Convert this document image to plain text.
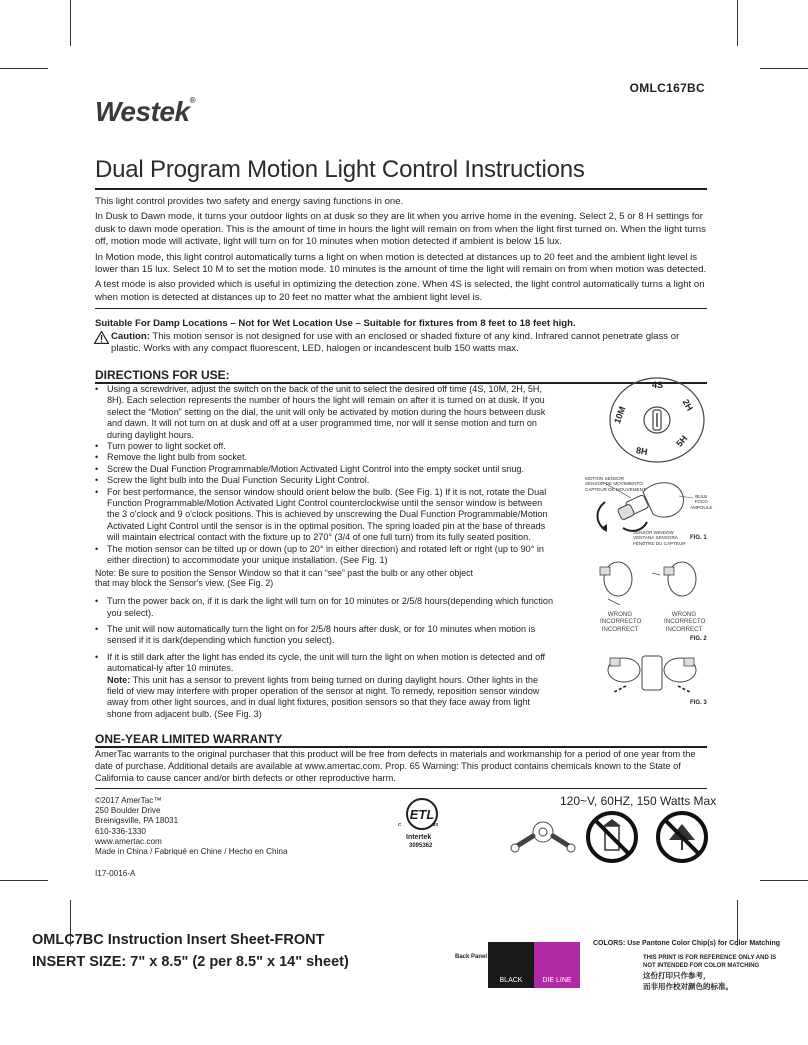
OMLC167BC
Westek®
Dual Program Motion Light Control Instructions

This light control provides two safety and energy saving functions in one.

In Dusk to Dawn mode, it turns your outdoor lights on at dusk so they are lit when you arrive home in the evening. Select 2, 5 or 8 H settings for dusk to dawn mode operation. This is the amount of time in hours the light will remain on from when the light first turned on. When the light turns off, motion mode will activate, light will turn on for 10 minutes when motion detected if ambient is below 15 lux.

In Motion mode, this light control automatically turns a light on when motion is detected at distances up to 20 feet and the ambient light level is lower than 15 lux. Select 10 M to set the motion mode. 10 minutes is the amount of time the light will remain on from when motion was detected.

A test mode is also provided which is useful in optimizing the detection zone. When 4S is selected, the light control automatically turns a light on when motion is detected at distances up to 20 feet no matter what the ambient light level is.

Suitable For Damp Locations – Not for Wet Location Use – Suitable for fixtures from 8 feet to 18 feet high.
Caution: This motion sensor is not designed for use with an enclosed or shaded fixture of any kind. Infrared cannot penetrate glass or plastic. Works with any compact fluorescent, LED, halogen or incandescent bulb 150 watts max.
DIRECTIONS FOR USE:
• Using a screwdriver, adjust the switch on the back of the unit to select the desired off time (4S, 10M, 2H, 5H, 8H). Each selection represents the number of hours the light will remain on after it is turned on at dusk. If you select the “Motion” setting on the dial, the unit will only be activated by motion during the hours between dusk and dawn. It will not turn on at dusk and off at a user programmed time, nor will it sense motion and turn on during daylight hours.
• Turn power to light socket off.
• Remove the light bulb from socket.
• Screw the Dual Function Programmable/Motion Activated Light Control into the empty socket until snug.
• Screw the light bulb into the Dual Function Security Light Control.
• For best performance, the sensor window should orient below the bulb. (See Fig. 1) If it is not, rotate the Dual Function Programmable/Motion Activated Light Control counterclockwise until the sensor window is between the 3 o'clock and 9 o'clock positions. This is achieved by unscrewing the Dual Function Programmable/Motion Activated Light Control until the sensor is in the optimal position. The spring loaded pin at the base of threads will maintain electrical contact with the fixture up to 270° (3/4 of one full turn) from its fully seated position.
• The motion sensor can be tilted up or down (up to 20° in either direction) and rotated left or right (up to 90° in either direction) to accommodate your unique installation. (See Fig. 1)
Note: Be sure to position the Sensor Window so that it can “see” past the bulb or any other object that may block the Sensor's view. (See Fig. 2)
• Turn the power back on, if it is dark the light will turn on for 10 minutes or 2/5/8 hours(depending which function you select).
• The unit will now automatically turn the light on for 2/5/8 hours after dusk, or for 10 minutes when motion is sensed if it is dark(depending which function you select).
• If it is still dark after the light has ended its cycle, the unit will turn the light on when motion is detected and off automatical-ly after 10 minutes.
Note: This unit has a sensor to prevent lights from being turned on during daylight hours. Other lights in the field of view may interfere with proper operation of the sensor at night. To remedy, reposition sensor window away from other light sources, and in dual light fixtures, position sensors so that they face away from light shone from adjacent bulb. (See Fig. 3)
4S
2H
5H
8H
10M
MOTION SENSOR
SENSOR DE MOVIMIENTO
CAPTEUR DE MOUVEMENT
BULB
FOCO
AMPOULE
SENSOR WINDOW
VENTANA SENSORA
FENÊTRE DU CAPTEUR
FIG. 1
WRONG
INCORRECTO
INCORRECT
WRONG
INCORRECTO
INCORRECT
FIG. 2
FIG. 3
ONE-YEAR LIMITED WARRANTY
AmerTac warrants to the original purchaser that this product will be free from defects in materials and workmanship for a period of one year from the date of purchase. Additional details are available at www.amertac.com. Prop. 65 Warning: This product contains chemicals known to the State of California to cause cancer and/or birth defects or other reproductive harm.
©2017 AmerTac™
250 Boulder Drive
Breinigsville, PA 18031
610-336-1330
www.amertac.com
Made in China / Fabriqué en Chine / Hecho en China
I17-0016-A
120~V, 60HZ, 150 Watts Max
ETL
C	US
Intertek
3095362
OMLC7BC Instruction Insert Sheet-FRONT
INSERT SIZE: 7" x 8.5" (2 per 8.5" x 14" sheet)	Back Panel
BLACK	DIE LINE
COLORS: Use Pantone Color Chip(s) for Color Matching
THIS PRINT IS FOR REFERENCE ONLY AND IS
NOT INTENDED FOR COLOR MATCHING
这份打印只作参考，
而非用作校对颜色的标准。
